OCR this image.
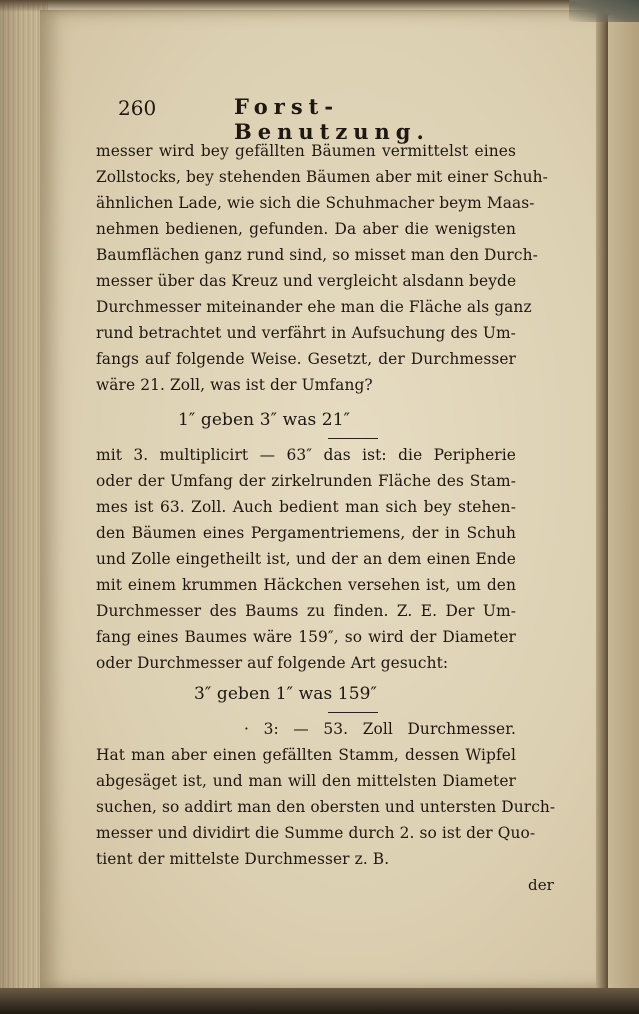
260	Forst-Benutzung.
messer wird bey gefällten Bäumen vermittelst eines
Zollstocks, bey stehenden Bäumen aber mit einer Schuh-
ähnlichen Lade, wie sich die Schuhmacher beym Maas-
nehmen bedienen, gefunden. Da aber die wenigsten
Baumflächen ganz rund sind, so misset man den Durch-
messer über das Kreuz und vergleicht alsdann beyde
Durchmesser miteinander ehe man die Fläche als ganz
rund betrachtet und verfährt in Aufsuchung des Um-
fangs auf folgende Weise. Gesetzt, der Durchmesser
wäre 21. Zoll, was ist der Umfang?
1″ geben 3″ was 21″
mit 3. multiplicirt — 63″ das ist: die Peripherie
oder der Umfang der zirkelrunden Fläche des Stam-
mes ist 63. Zoll. Auch bedient man sich bey stehen-
den Bäumen eines Pergamentriemens, der in Schuh
und Zolle eingetheilt ist, und der an dem einen Ende
mit einem krummen Häckchen versehen ist, um den
Durchmesser des Baums zu finden. Z. E. Der Um-
fang eines Baumes wäre 159″, so wird der Diameter
oder Durchmesser auf folgende Art gesucht:
3″ geben 1″ was 159″
· 3: — 53. Zoll Durchmesser.
Hat man aber einen gefällten Stamm, dessen Wipfel
abgesäget ist, und man will den mittelsten Diameter
suchen, so addirt man den obersten und untersten Durch-
messer und dividirt die Summe durch 2. so ist der Quo-
tient der mittelste Durchmesser z. B.
der
